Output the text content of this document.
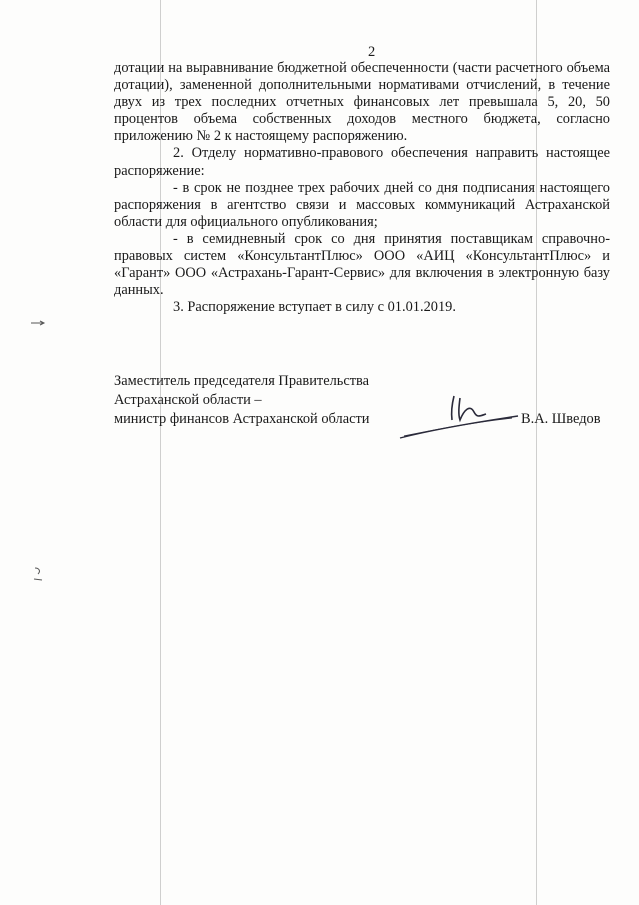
2

дотации на выравнивание бюджетной обеспеченности (части расчетного объема дотации), замененной дополнительными нормативами отчислений, в течение двух из трех последних отчетных финансовых лет превышала 5, 20, 50 процентов объема собственных доходов местного бюджета, согласно приложению № 2 к настоящему распоряжению.

2. Отделу нормативно-правового обеспечения направить настоящее распоряжение:

- в срок не позднее трех рабочих дней со дня подписания настоящего распоряжения в агентство связи и массовых коммуникаций Астраханской области для официального опубликования;

- в семидневный срок со дня принятия поставщикам справочно-правовых систем «КонсультантПлюс» ООО «АИЦ «КонсультантПлюс» и «Гарант» ООО «Астрахань-Гарант-Сервис» для включения в электронную базу данных.

3. Распоряжение вступает в силу с 01.01.2019.

Заместитель председателя Правительства
Астраханской области –
министр финансов Астраханской области	В.А. Шведов
